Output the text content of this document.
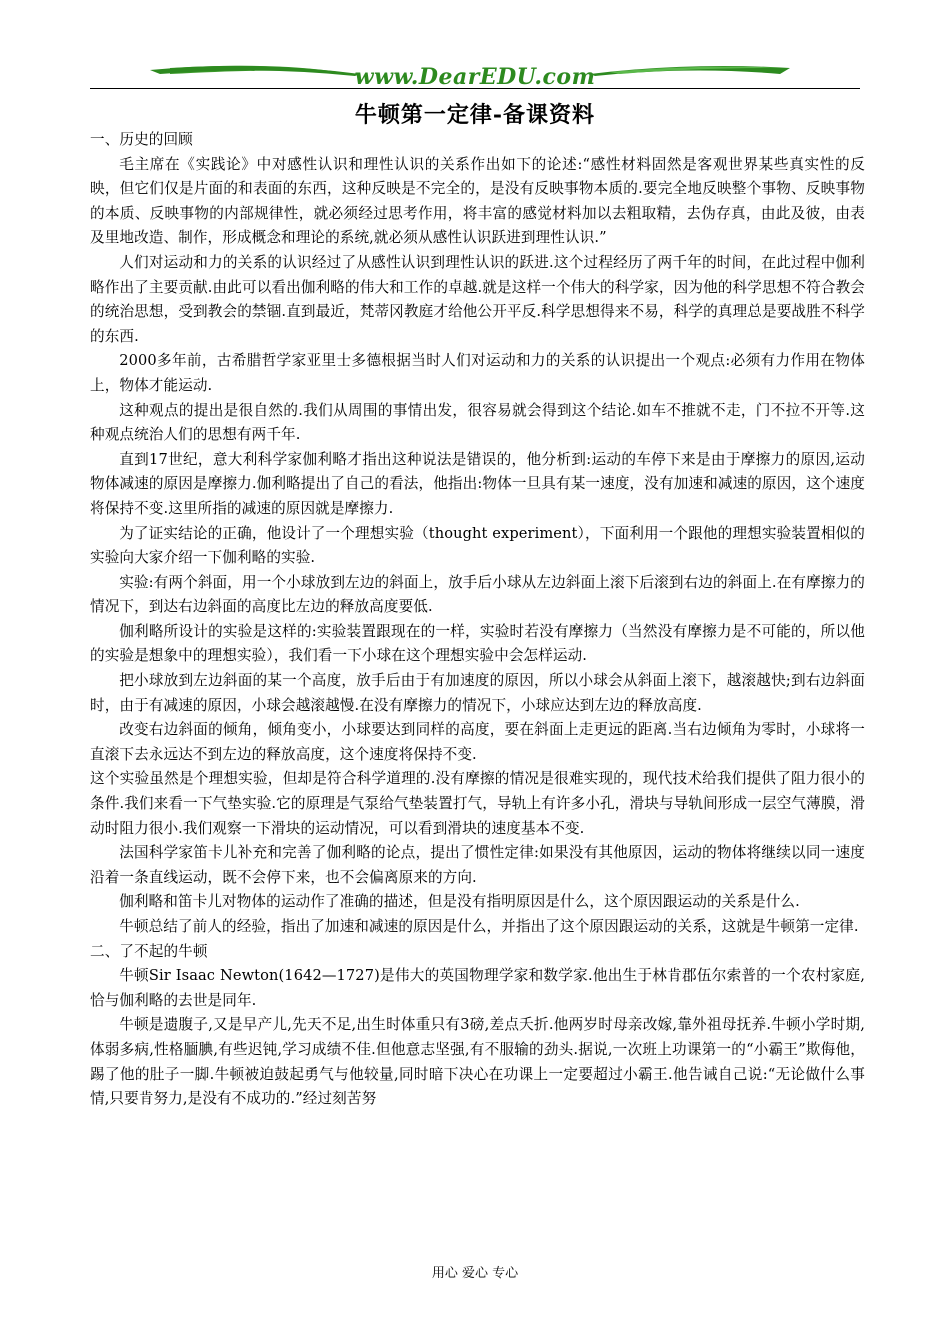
www.DearEDU.com
牛顿第一定律-备课资料

一、历史的回顾

毛主席在《实践论》中对感性认识和理性认识的关系作出如下的论述:“感性材料固然是客观世界某些真实性的反映，但它们仅是片面的和表面的东西，这种反映是不完全的，是没有反映事物本质的.要完全地反映整个事物、反映事物的本质、反映事物的内部规律性，就必须经过思考作用，将丰富的感觉材料加以去粗取精，去伪存真，由此及彼，由表及里地改造、制作，形成概念和理论的系统,就必须从感性认识跃进到理性认识.”

人们对运动和力的关系的认识经过了从感性认识到理性认识的跃进.这个过程经历了两千年的时间，在此过程中伽利略作出了主要贡献.由此可以看出伽利略的伟大和工作的卓越.就是这样一个伟大的科学家，因为他的科学思想不符合教会的统治思想，受到教会的禁锢.直到最近，梵蒂冈教庭才给他公开平反.科学思想得来不易，科学的真理总是要战胜不科学的东西.

2000多年前，古希腊哲学家亚里士多德根据当时人们对运动和力的关系的认识提出一个观点:必须有力作用在物体上，物体才能运动.

这种观点的提出是很自然的.我们从周围的事情出发，很容易就会得到这个结论.如车不推就不走，门不拉不开等.这种观点统治人们的思想有两千年.

直到17世纪，意大利科学家伽利略才指出这种说法是错误的，他分析到:运动的车停下来是由于摩擦力的原因,运动物体减速的原因是摩擦力.伽利略提出了自己的看法，他指出:物体一旦具有某一速度，没有加速和减速的原因，这个速度将保持不变.这里所指的减速的原因就是摩擦力.

为了证实结论的正确，他设计了一个理想实验（thought experiment），下面利用一个跟他的理想实验装置相似的实验向大家介绍一下伽利略的实验.

实验:有两个斜面，用一个小球放到左边的斜面上，放手后小球从左边斜面上滚下后滚到右边的斜面上.在有摩擦力的情况下，到达右边斜面的高度比左边的释放高度要低.

伽利略所设计的实验是这样的:实验装置跟现在的一样，实验时若没有摩擦力（当然没有摩擦力是不可能的，所以他的实验是想象中的理想实验），我们看一下小球在这个理想实验中会怎样运动.

把小球放到左边斜面的某一个高度，放手后由于有加速度的原因，所以小球会从斜面上滚下，越滚越快;到右边斜面时，由于有减速的原因，小球会越滚越慢.在没有摩擦力的情况下，小球应达到左边的释放高度.

改变右边斜面的倾角，倾角变小，小球要达到同样的高度，要在斜面上走更远的距离.当右边倾角为零时，小球将一直滚下去永远达不到左边的释放高度，这个速度将保持不变.

这个实验虽然是个理想实验，但却是符合科学道理的.没有摩擦的情况是很难实现的，现代技术给我们提供了阻力很小的条件.我们来看一下气垫实验.它的原理是气泵给气垫装置打气，导轨上有许多小孔，滑块与导轨间形成一层空气薄膜，滑动时阻力很小.我们观察一下滑块的运动情况，可以看到滑块的速度基本不变.

法国科学家笛卡儿补充和完善了伽利略的论点，提出了惯性定律:如果没有其他原因，运动的物体将继续以同一速度沿着一条直线运动，既不会停下来，也不会偏离原来的方向.

伽利略和笛卡儿对物体的运动作了准确的描述，但是没有指明原因是什么，这个原因跟运动的关系是什么.

牛顿总结了前人的经验，指出了加速和减速的原因是什么，并指出了这个原因跟运动的关系，这就是牛顿第一定律.

二、了不起的牛顿

牛顿Sir Isaac Newton(1642—1727)是伟大的英国物理学家和数学家.他出生于林肯郡伍尔索普的一个农村家庭,恰与伽利略的去世是同年.

牛顿是遗腹子,又是早产儿,先天不足,出生时体重只有3磅,差点夭折.他两岁时母亲改嫁,靠外祖母抚养.牛顿小学时期,体弱多病,性格腼腆,有些迟钝,学习成绩不佳.但他意志坚强,有不服输的劲头.据说,一次班上功课第一的“小霸王”欺侮他，踢了他的肚子一脚.牛顿被迫鼓起勇气与他较量,同时暗下决心在功课上一定要超过小霸王.他告诫自己说:“无论做什么事情,只要肯努力,是没有不成功的.”经过刻苦努

用心 爱心 专心
